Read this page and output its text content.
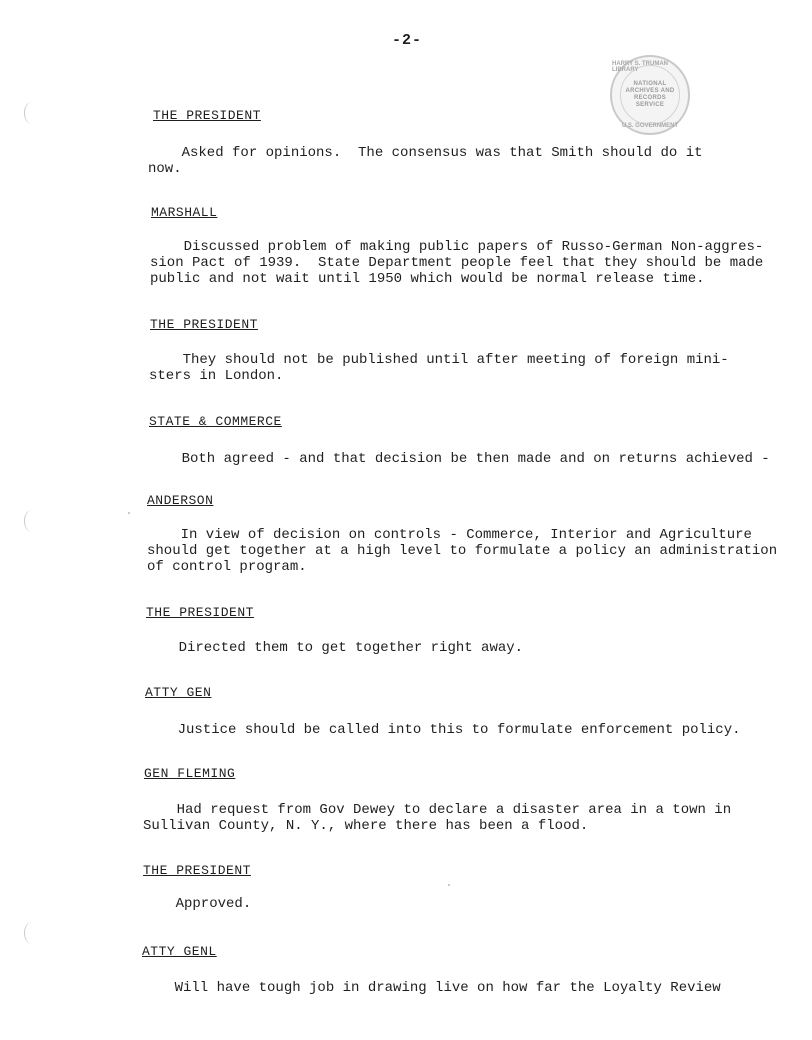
-2-
HARRY S. TRUMAN LIBRARY
NATIONAL
ARCHIVES AND
RECORDS
SERVICE
U.S. GOVERNMENT
THE PRESIDENT
Asked for opinions.  The consensus was that Smith should do it
now.
MARSHALL
Discussed problem of making public papers of Russo-German Non-aggres-
sion Pact of 1939.  State Department people feel that they should be made
public and not wait until 1950 which would be normal release time.
THE PRESIDENT
They should not be published until after meeting of foreign mini-
sters in London.
STATE & COMMERCE
Both agreed - and that decision be then made and on returns achieved -
ANDERSON
In view of decision on controls - Commerce, Interior and Agriculture
should get together at a high level to formulate a policy an administration
of control program.
THE PRESIDENT
Directed them to get together right away.
ATTY GEN
Justice should be called into this to formulate enforcement policy.
GEN FLEMING
Had request from Gov Dewey to declare a disaster area in a town in
Sullivan County, N. Y., where there has been a flood.
THE PRESIDENT
Approved.
ATTY GENL
Will have tough job in drawing live on how far the Loyalty Review
